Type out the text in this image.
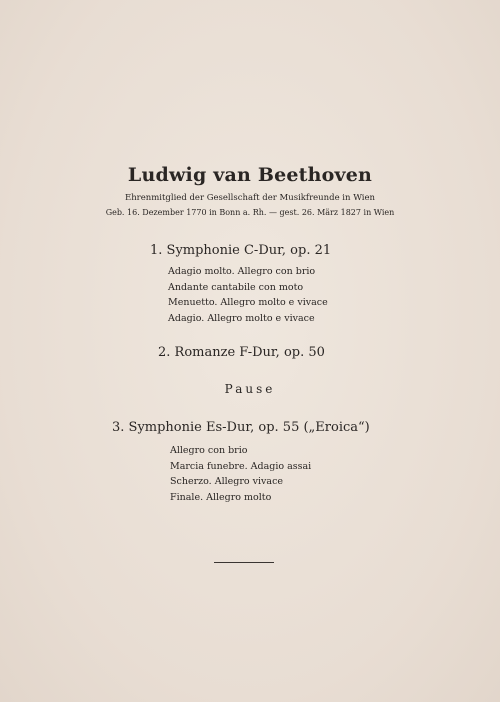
Ludwig van Beethoven
Ehrenmitglied der Gesellschaft der Musikfreunde in Wien
Geb. 16. Dezember 1770 in Bonn a. Rh. — gest. 26. März 1827 in Wien
1. Symphonie C-Dur, op. 21
Adagio molto. Allegro con brio
Andante cantabile con moto
Menuetto. Allegro molto e vivace
Adagio. Allegro molto e vivace
2. Romanze F-Dur, op. 50
Pause
3. Symphonie Es-Dur, op. 55 („Eroica“)
Allegro con brio
Marcia funebre. Adagio assai
Scherzo. Allegro vivace
Finale. Allegro molto
